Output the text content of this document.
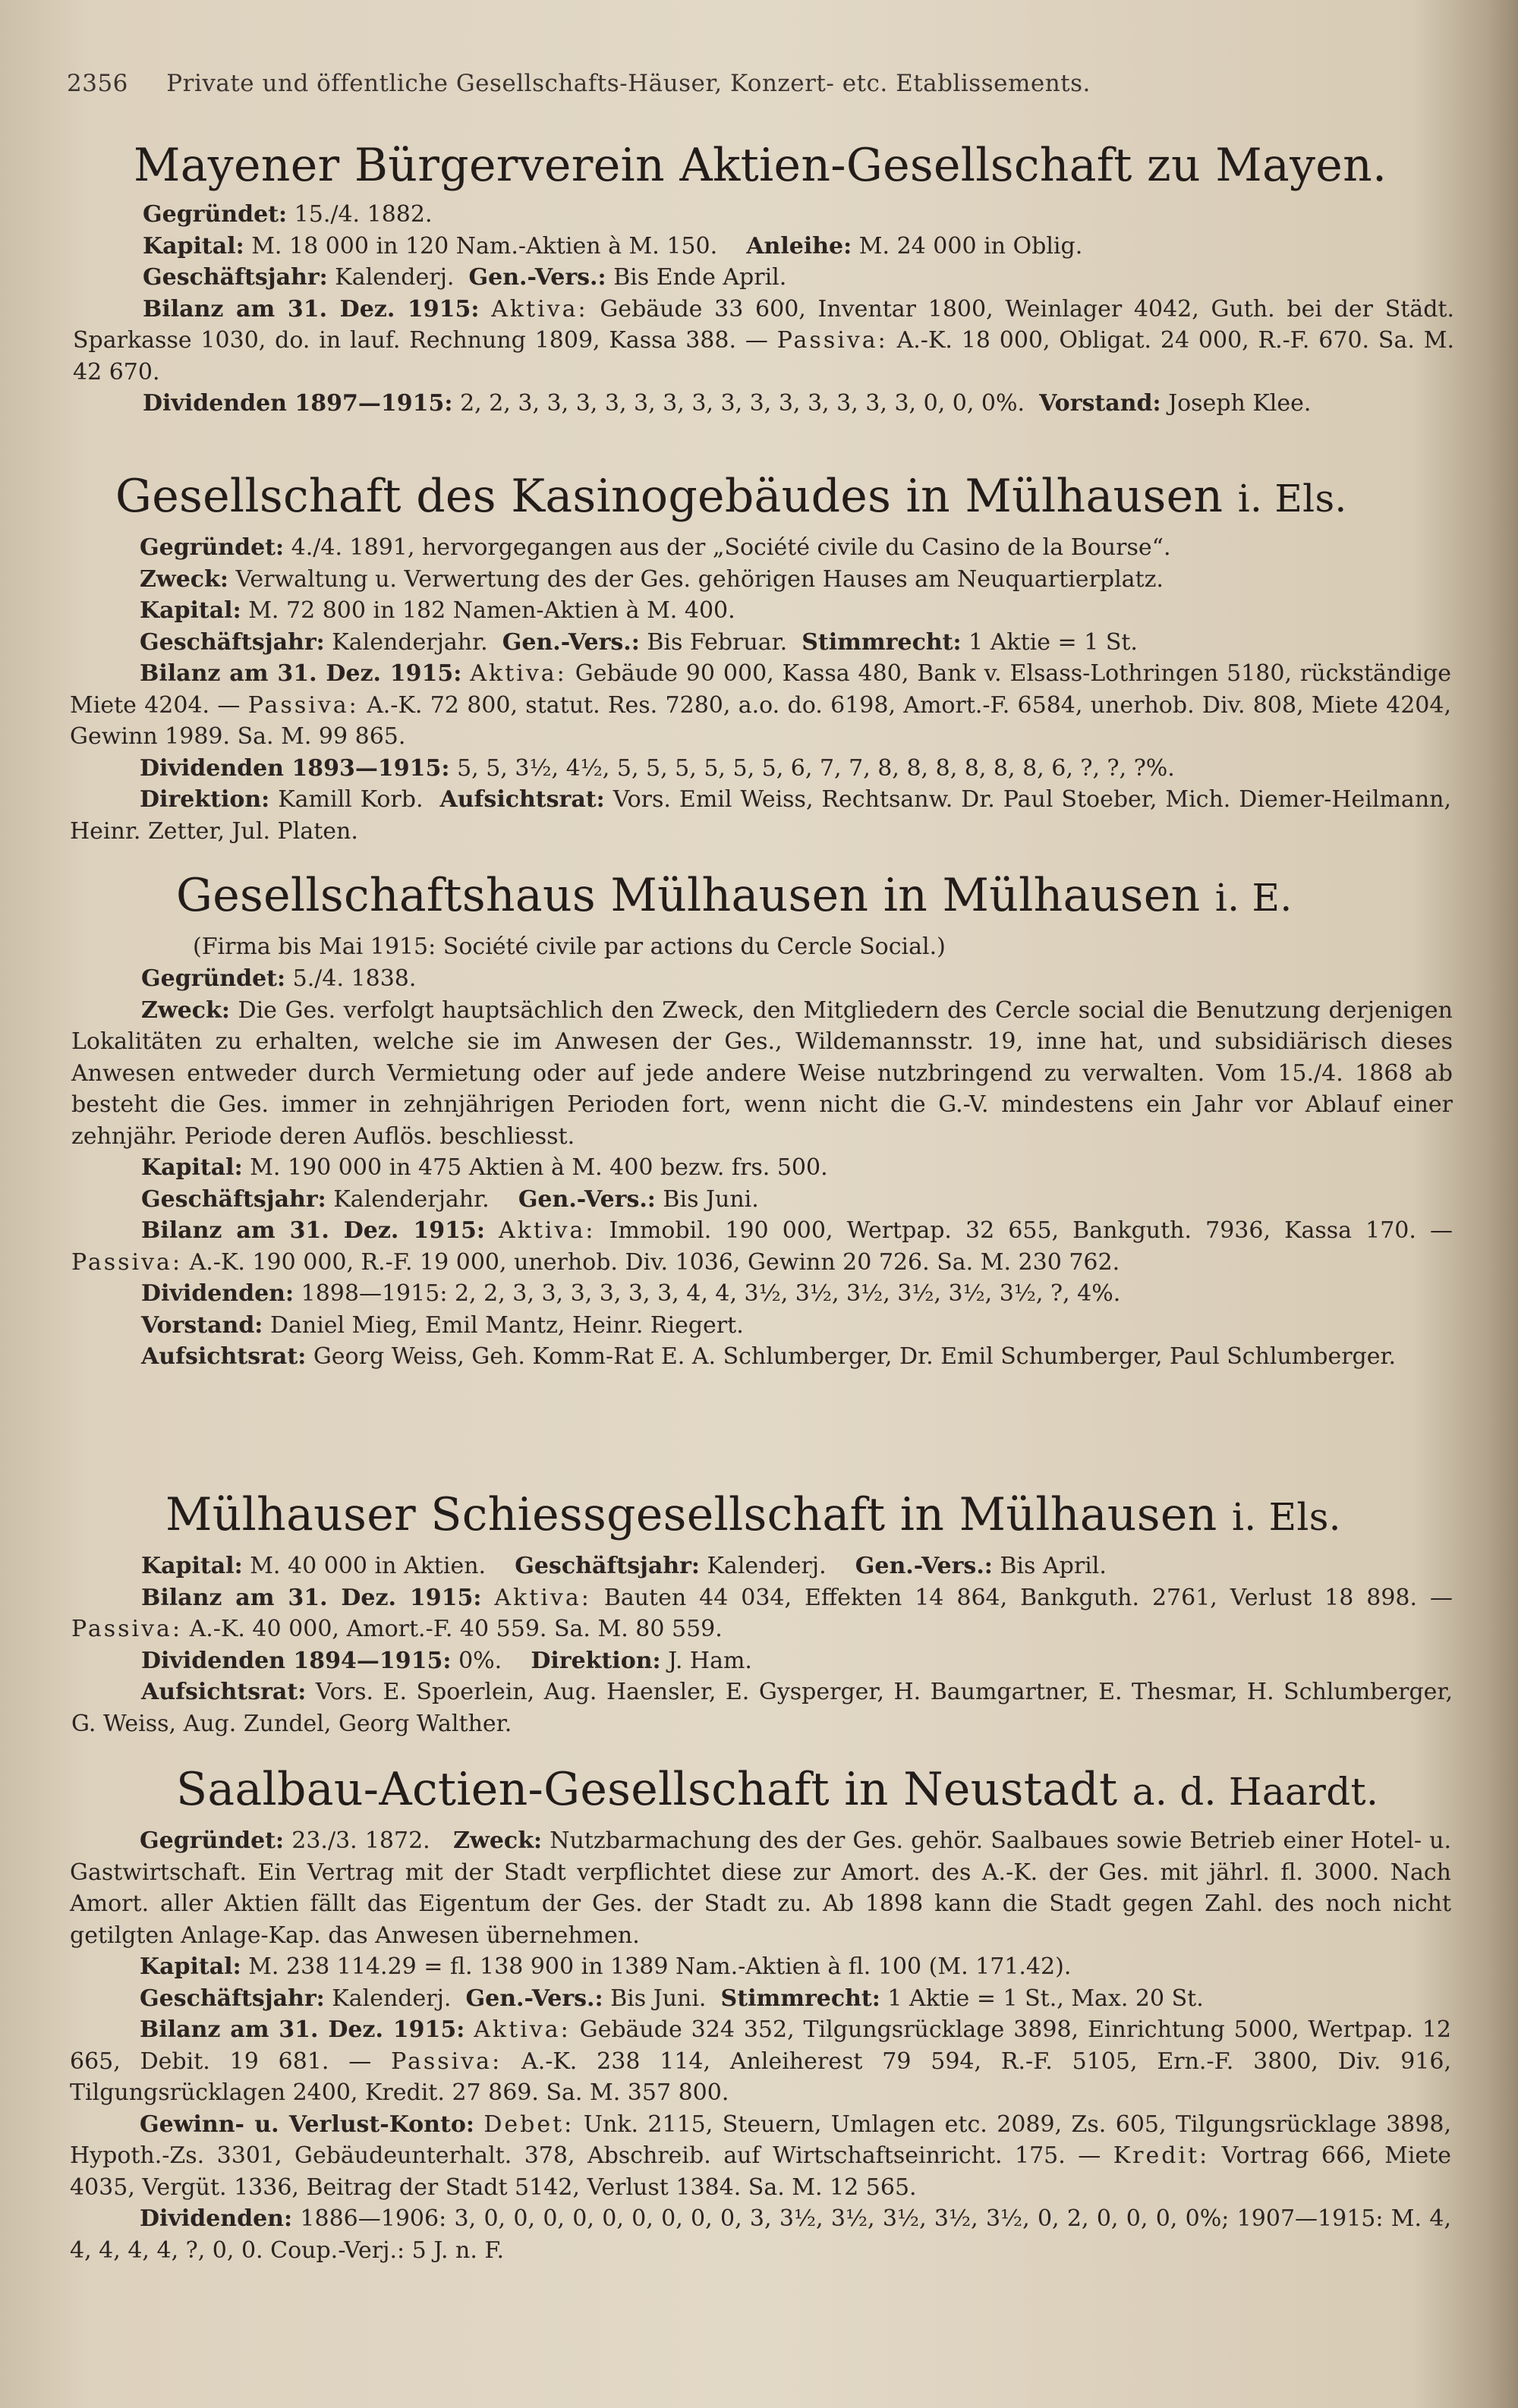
2356 Private und öffentliche Gesellschafts-Häuser, Konzert- etc. Etablissements.
Mayener Bürgerverein Aktien-Gesellschaft zu Mayen.

Gegründet: 15./4. 1882.

Kapital: M. 18 000 in 120 Nam.-Aktien à M. 150. Anleihe: M. 24 000 in Oblig.

Geschäftsjahr: Kalenderj. Gen.-Vers.: Bis Ende April.

Bilanz am 31. Dez. 1915: Aktiva: Gebäude 33 600, Inventar 1800, Weinlager 4042, Guth. bei der Städt. Sparkasse 1030, do. in lauf. Rechnung 1809, Kassa 388. — Passiva: A.-K. 18 000, Obligat. 24 000, R.-F. 670. Sa. M. 42 670.

Dividenden 1897—1915: 2, 2, 3, 3, 3, 3, 3, 3, 3, 3, 3, 3, 3, 3, 3, 3, 0, 0, 0%. Vorstand: Joseph Klee.

Gesellschaft des Kasinogebäudes in Mülhausen i. Els.

Gegründet: 4./4. 1891, hervorgegangen aus der „Société civile du Casino de la Bourse“.

Zweck: Verwaltung u. Verwertung des der Ges. gehörigen Hauses am Neuquartierplatz.

Kapital: M. 72 800 in 182 Namen-Aktien à M. 400.

Geschäftsjahr: Kalenderjahr. Gen.-Vers.: Bis Februar. Stimmrecht: 1 Aktie = 1 St.

Bilanz am 31. Dez. 1915: Aktiva: Gebäude 90 000, Kassa 480, Bank v. Elsass-Lothringen 5180, rückständige Miete 4204. — Passiva: A.-K. 72 800, statut. Res. 7280, a.o. do. 6198, Amort.-F. 6584, unerhob. Div. 808, Miete 4204, Gewinn 1989. Sa. M. 99 865.

Dividenden 1893—1915: 5, 5, 3½, 4½, 5, 5, 5, 5, 5, 5, 6, 7, 7, 8, 8, 8, 8, 8, 8, 6, ?, ?, ?%.

Direktion: Kamill Korb. Aufsichtsrat: Vors. Emil Weiss, Rechtsanw. Dr. Paul Stoeber, Mich. Diemer-Heilmann, Heinr. Zetter, Jul. Platen.

Gesellschaftshaus Mülhausen in Mülhausen i. E.
(Firma bis Mai 1915: Société civile par actions du Cercle Social.)

Gegründet: 5./4. 1838.

Zweck: Die Ges. verfolgt hauptsächlich den Zweck, den Mitgliedern des Cercle social die Benutzung derjenigen Lokalitäten zu erhalten, welche sie im Anwesen der Ges., Wildemannsstr. 19, inne hat, und subsidiärisch dieses Anwesen entweder durch Vermietung oder auf jede andere Weise nutzbringend zu verwalten. Vom 15./4. 1868 ab besteht die Ges. immer in zehnjährigen Perioden fort, wenn nicht die G.-V. mindestens ein Jahr vor Ablauf einer zehnjähr. Periode deren Auflös. beschliesst.

Kapital: M. 190 000 in 475 Aktien à M. 400 bezw. frs. 500.

Geschäftsjahr: Kalenderjahr. Gen.-Vers.: Bis Juni.

Bilanz am 31. Dez. 1915: Aktiva: Immobil. 190 000, Wertpap. 32 655, Bankguth. 7936, Kassa 170. — Passiva: A.-K. 190 000, R.-F. 19 000, unerhob. Div. 1036, Gewinn 20 726. Sa. M. 230 762.

Dividenden: 1898—1915: 2, 2, 3, 3, 3, 3, 3, 3, 4, 4, 3½, 3½, 3½, 3½, 3½, 3½, ?, 4%.

Vorstand: Daniel Mieg, Emil Mantz, Heinr. Riegert.

Aufsichtsrat: Georg Weiss, Geh. Komm-Rat E. A. Schlumberger, Dr. Emil Schumberger, Paul Schlumberger.

Mülhauser Schiessgesellschaft in Mülhausen i. Els.

Kapital: M. 40 000 in Aktien. Geschäftsjahr: Kalenderj. Gen.-Vers.: Bis April.

Bilanz am 31. Dez. 1915: Aktiva: Bauten 44 034, Effekten 14 864, Bankguth. 2761, Verlust 18 898. — Passiva: A.-K. 40 000, Amort.-F. 40 559. Sa. M. 80 559.

Dividenden 1894—1915: 0%. Direktion: J. Ham.

Aufsichtsrat: Vors. E. Spoerlein, Aug. Haensler, E. Gysperger, H. Baumgartner, E. Thesmar, H. Schlumberger, G. Weiss, Aug. Zundel, Georg Walther.

Saalbau-Actien-Gesellschaft in Neustadt a. d. Haardt.

Gegründet: 23./3. 1872. Zweck: Nutzbarmachung des der Ges. gehör. Saalbaues sowie Betrieb einer Hotel- u. Gastwirtschaft. Ein Vertrag mit der Stadt verpflichtet diese zur Amort. des A.-K. der Ges. mit jährl. fl. 3000. Nach Amort. aller Aktien fällt das Eigentum der Ges. der Stadt zu. Ab 1898 kann die Stadt gegen Zahl. des noch nicht getilgten Anlage-Kap. das Anwesen übernehmen.

Kapital: M. 238 114.29 = fl. 138 900 in 1389 Nam.-Aktien à fl. 100 (M. 171.42).

Geschäftsjahr: Kalenderj. Gen.-Vers.: Bis Juni. Stimmrecht: 1 Aktie = 1 St., Max. 20 St.

Bilanz am 31. Dez. 1915: Aktiva: Gebäude 324 352, Tilgungsrücklage 3898, Einrichtung 5000, Wertpap. 12 665, Debit. 19 681. — Passiva: A.-K. 238 114, Anleiherest 79 594, R.-F. 5105, Ern.-F. 3800, Div. 916, Tilgungsrücklagen 2400, Kredit. 27 869. Sa. M. 357 800.

Gewinn- u. Verlust-Konto: Debet: Unk. 2115, Steuern, Umlagen etc. 2089, Zs. 605, Tilgungsrücklage 3898, Hypoth.-Zs. 3301, Gebäudeunterhalt. 378, Abschreib. auf Wirtschaftseinricht. 175. — Kredit: Vortrag 666, Miete 4035, Vergüt. 1336, Beitrag der Stadt 5142, Verlust 1384. Sa. M. 12 565.

Dividenden: 1886—1906: 3, 0, 0, 0, 0, 0, 0, 0, 0, 0, 3, 3½, 3½, 3½, 3½, 3½, 0, 2, 0, 0, 0, 0%; 1907—1915: M. 4, 4, 4, 4, 4, ?, 0, 0. Coup.-Verj.: 5 J. n. F.
